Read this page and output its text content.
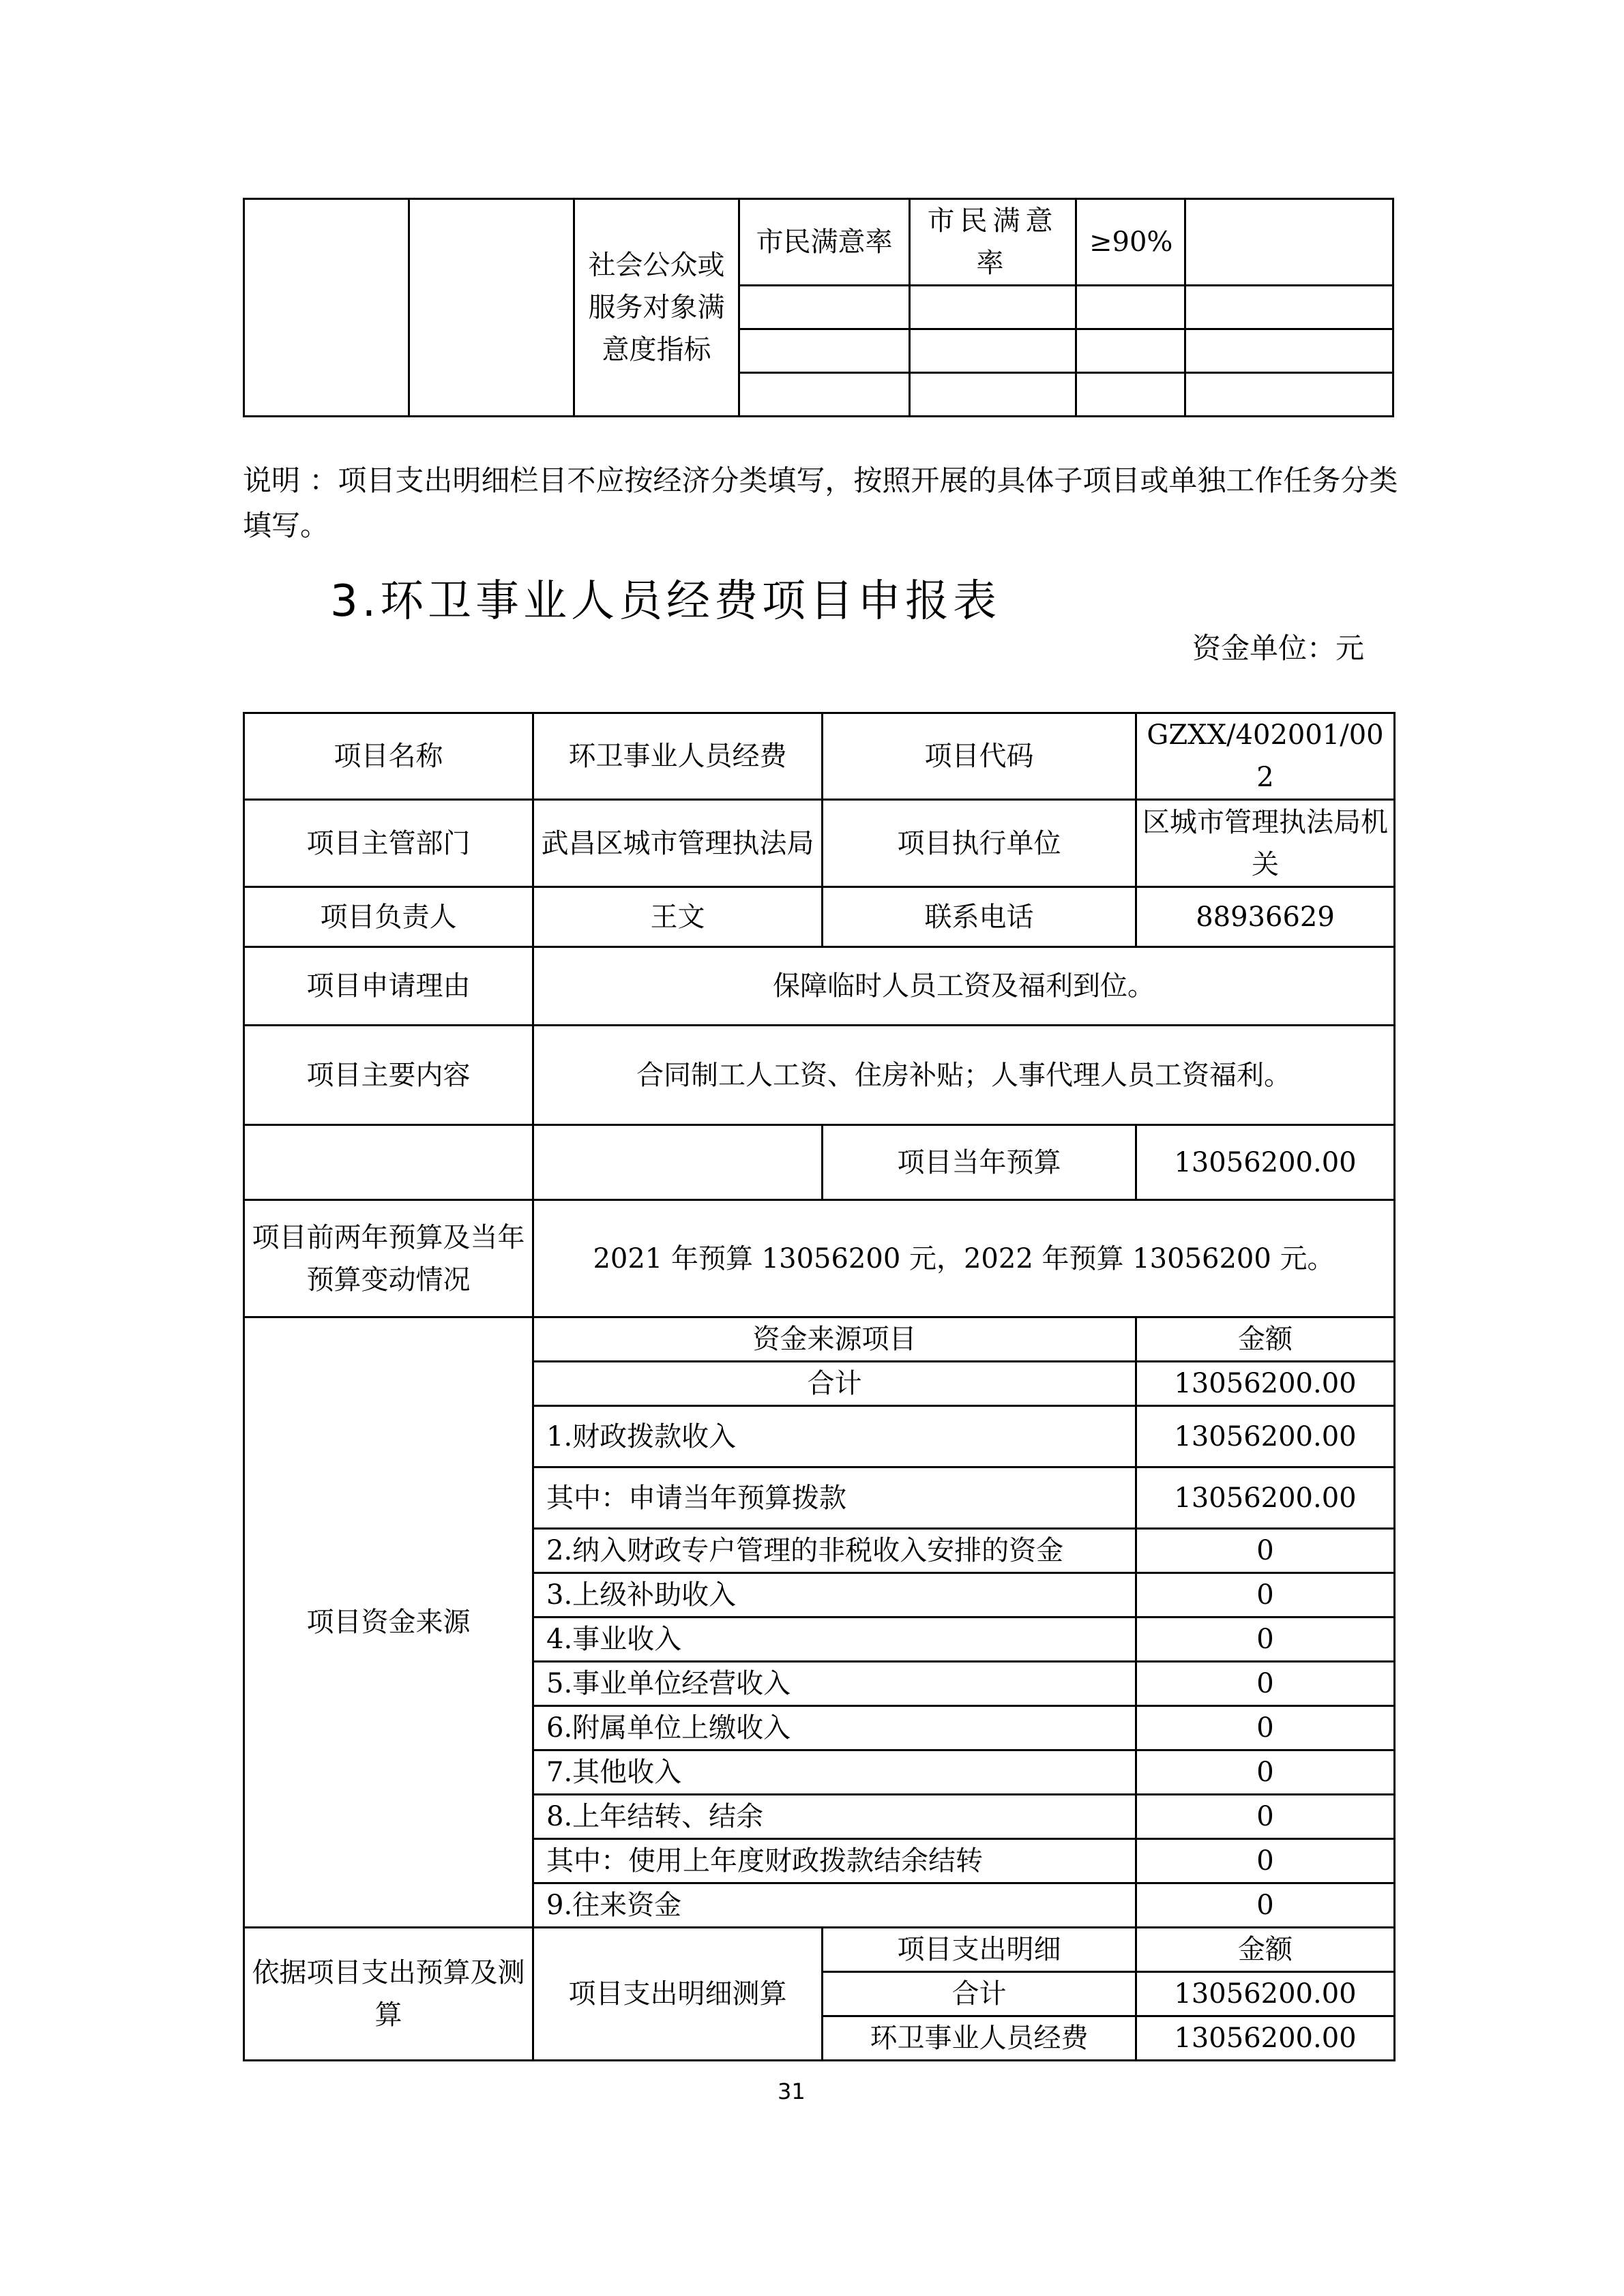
		社会公众或服务对象满意度指标	市民满意率	市民满意率	≥90%	

说明 ：项目支出明细栏目不应按经济分类填写，按照开展的具体子项目或单独工作任务分类填写。
3.环卫事业人员经费项目申报表
资金单位：元
项目名称	环卫事业人员经费	项目代码	GZXX/402001/002
项目主管部门	武昌区城市管理执法局	项目执行单位	区城市管理执法局机关
项目负责人	王文	联系电话	88936629
项目申请理由	保障临时人员工资及福利到位。		
项目主要内容	合同制工人工资、住房补贴；人事代理人员工资福利。		
		项目当年预算	13056200.00
项目前两年预算及当年预算变动情况	2021 年预算 13056200 元，2022 年预算 13056200 元。		
项目资金来源	资金来源项目		金额
	合计		13056200.00
	1.财政拨款收入		13056200.00
	其中：申请当年预算拨款		13056200.00
	2.纳入财政专户管理的非税收入安排的资金		0
	3.上级补助收入		0
	4.事业收入		0
	5.事业单位经营收入		0
	6.附属单位上缴收入		0
	7.其他收入		0
	8.上年结转、结余		0
	其中：使用上年度财政拨款结余结转		0
	9.往来资金		0
依据项目支出预算及测算	项目支出明细测算	项目支出明细	金额
		合计	13056200.00
		环卫事业人员经费	13056200.00
31
